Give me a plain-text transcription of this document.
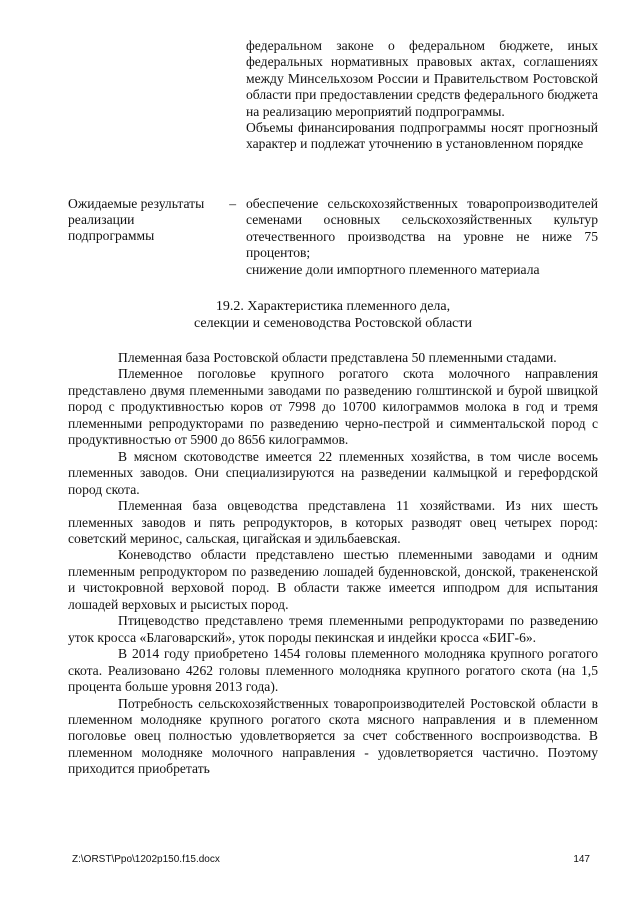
федеральном законе о федеральном бюджете, иных федеральных нормативных правовых актах, соглашениях между Минсельхозом России и Правительством Ростовской области при предоставлении средств федерального бюджета на реализацию мероприятий подпрограммы.

Объемы финансирования подпрограммы носят прогнозный характер и подлежат уточнению в установленном порядке

Ожидаемые результаты реализации подпрограммы
– обеспечение сельскохозяйственных товаропроизводителей семенами основных сельскохозяйственных культур отечественного производства на уровне не ниже 75 процентов;

снижение доли импортного племенного материала

19.2. Характеристика племенного дела,
селекции и семеноводства Ростовской области

Племенная база Ростовской области представлена 50 племенными стадами.

Племенное поголовье крупного рогатого скота молочного направления представлено двумя племенными заводами по разведению голштинской и бурой швицкой пород с продуктивностью коров от 7998 до 10700 килограммов молока в год и тремя племенными репродукторами по разведению черно-пестрой и симментальской пород с продуктивностью от 5900 до 8656 килограммов.

В мясном скотоводстве имеется 22 племенных хозяйства, в том числе восемь племенных заводов. Они специализируются на разведении калмыцкой и герефордской пород скота.

Племенная база овцеводства представлена 11 хозяйствами. Из них шесть племенных заводов и пять репродукторов, в которых разводят овец четырех пород: советский меринос, сальская, цигайская и эдильбаевская.

Коневодство области представлено шестью племенными заводами и одним племенным репродуктором по разведению лошадей буденновской, донской, тракененской и чистокровной верховой пород. В области также имеется ипподром для испытания лошадей верховых и рысистых пород.

Птицеводство представлено тремя племенными репродукторами по разведению уток кросса «Благоварский», уток породы пекинская и индейки кросса «БИГ-6».

В 2014 году приобретено 1454 головы племенного молодняка крупного рогатого скота. Реализовано 4262 головы племенного молодняка крупного рогатого скота (на 1,5 процента больше уровня 2013 года).

Потребность сельскохозяйственных товаропроизводителей Ростовской области в племенном молодняке крупного рогатого скота мясного направления и в племенном поголовье овец полностью удовлетворяется за счет собственного воспроизводства. В племенном молодняке молочного направления - удовлетворяется частично. Поэтому приходится приобретать

Z:\ORST\Ppo\1202p150.f15.docx	147
